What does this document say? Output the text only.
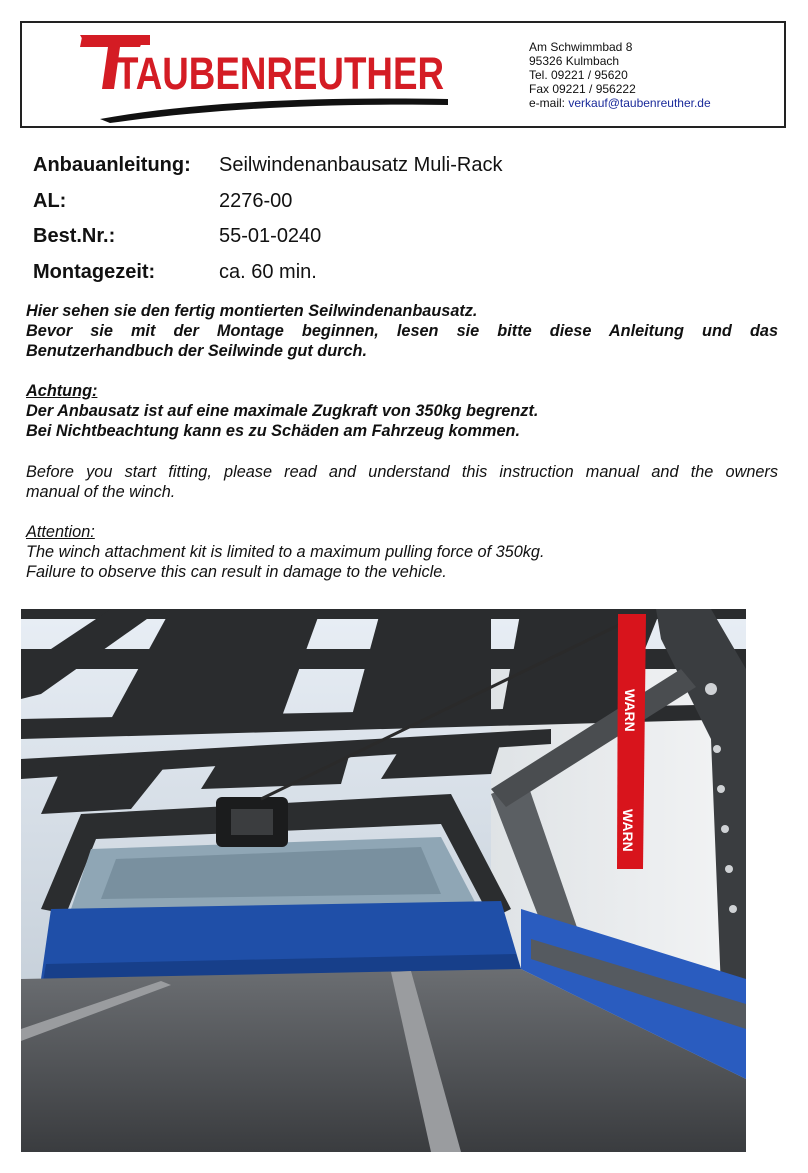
TAUBENREUTHER
Am Schwimmbad 8
95326 Kulmbach
Tel. 09221 / 95620
Fax 09221 / 956222
e-mail: verkauf@taubenreuther.de
Anbauanleitung: Seilwindenanbausatz Muli-Rack
AL:	2276-00
Best.Nr.:	55-01-0240
Montagezeit:	ca. 60 min.
Hier sehen sie den fertig montierten Seilwindenanbausatz.
Bevor sie mit der Montage beginnen, lesen sie bitte diese Anleitung und das
Benutzerhandbuch der Seilwinde gut durch.
Achtung:
Der Anbausatz ist auf eine maximale Zugkraft von 350kg begrenzt.
Bei Nichtbeachtung kann es zu Schäden am Fahrzeug kommen.
Before you start fitting, please read and understand this instruction manual and the owners
manual of the winch.
Attention:
The winch attachment kit is limited to a maximum pulling force of 350kg.
Failure to observe this can result in damage to the vehicle.
WARN
WARN
